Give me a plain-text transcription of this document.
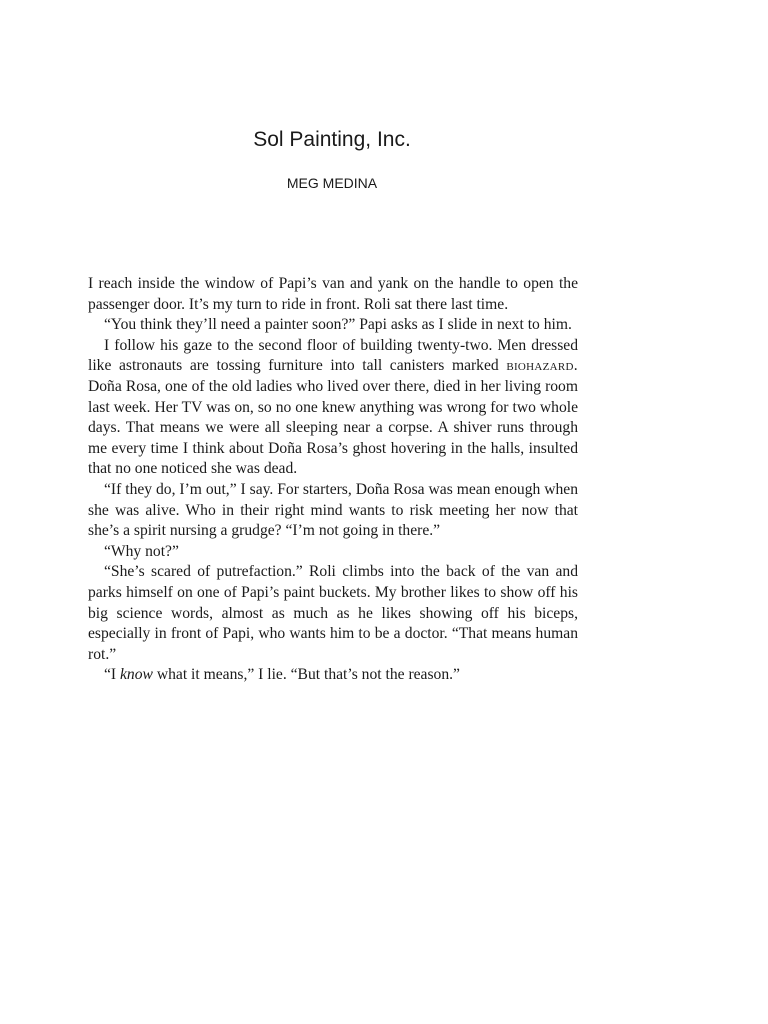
Sol Painting, Inc.
MEG MEDINA

I reach inside the window of Papi’s van and yank on the handle to open the passenger door. It’s my turn to ride in front. Roli sat there last time.

“You think they’ll need a painter soon?” Papi asks as I slide in next to him.

I follow his gaze to the second floor of building twenty-two. Men dressed like astronauts are tossing furniture into tall canisters marked biohazard. Doña Rosa, one of the old ladies who lived over there, died in her living room last week. Her TV was on, so no one knew anything was wrong for two whole days. That means we were all sleeping near a corpse. A shiver runs through me every time I think about Doña Rosa’s ghost hovering in the halls, insulted that no one noticed she was dead.

“If they do, I’m out,” I say. For starters, Doña Rosa was mean enough when she was alive. Who in their right mind wants to risk meeting her now that she’s a spirit nursing a grudge? “I’m not going in there.”

“Why not?”

“She’s scared of putrefaction.” Roli climbs into the back of the van and parks himself on one of Papi’s paint buckets. My brother likes to show off his big science words, almost as much as he likes showing off his biceps, especially in front of Papi, who wants him to be a doctor. “That means human rot.”

“I know what it means,” I lie. “But that’s not the reason.”
